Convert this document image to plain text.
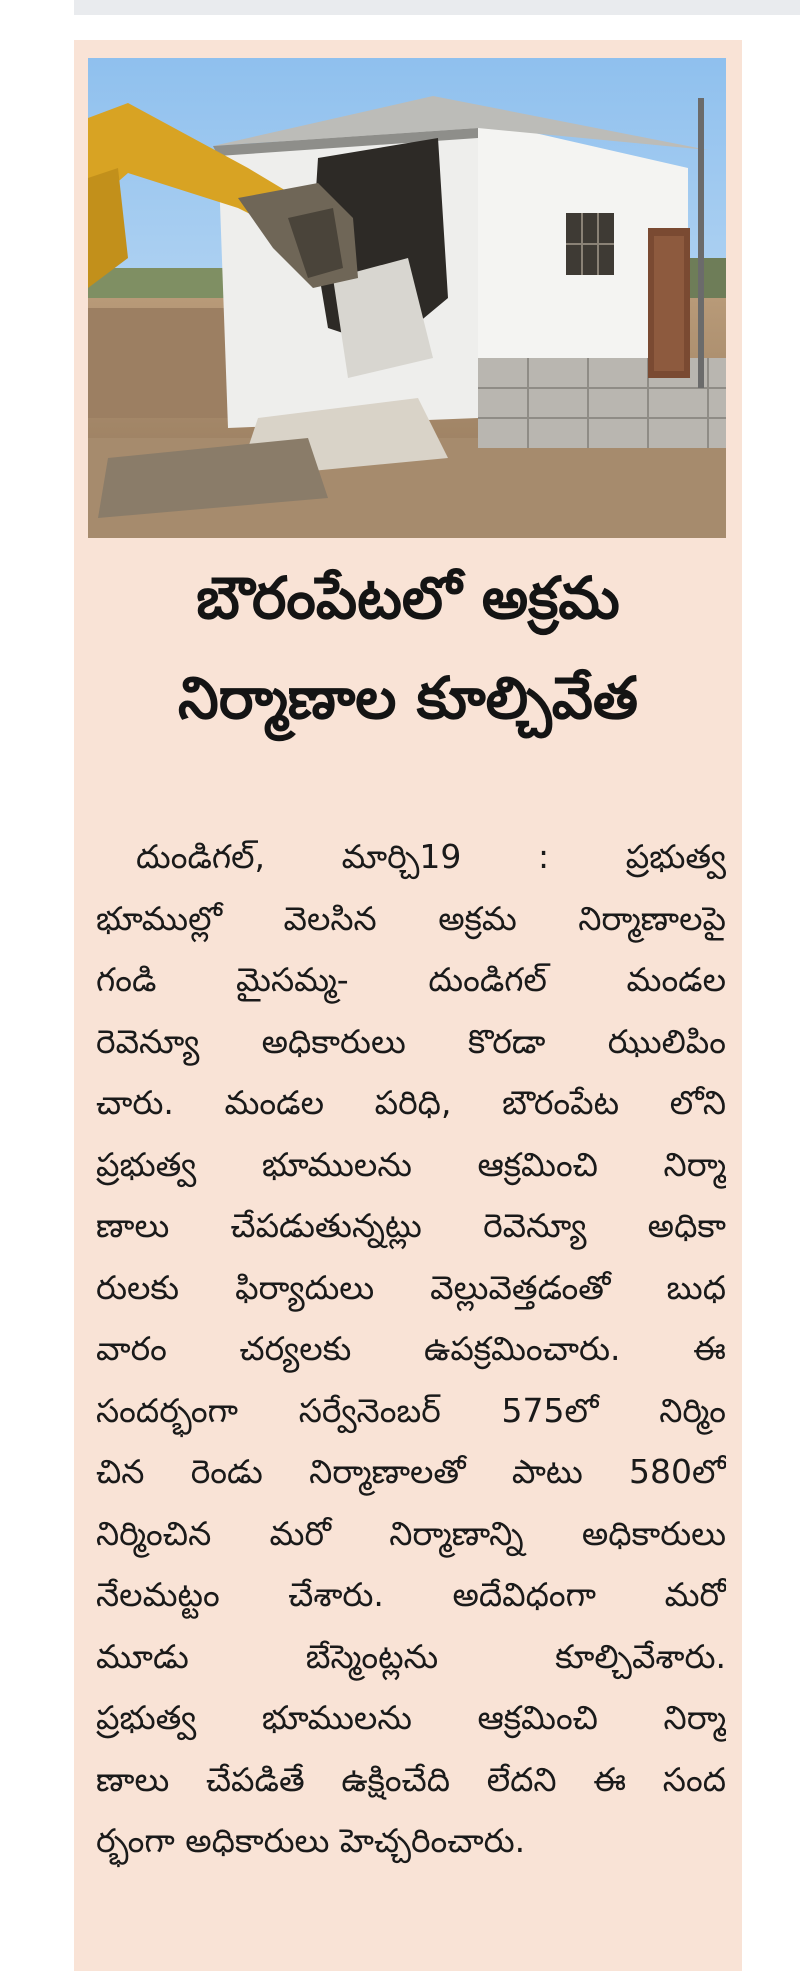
బౌరంపేటలో అక్రమ
నిర్మాణాల కూల్చివేత
దుండిగల్, మార్చి19 : ప్రభుత్వ
భూముల్లో వెలసిన అక్రమ నిర్మాణాలపై
గండి మైసమ్మ- దుండిగల్ మండల
రెవెన్యూ అధికారులు కొరడా ఝులిపిం
చారు. మండల పరిధి, బౌరంపేట లోని
ప్రభుత్వ భూములను ఆక్రమించి నిర్మా
ణాలు చేపడుతున్నట్లు రెవెన్యూ అధికా
రులకు ఫిర్యాదులు వెల్లువెత్తడంతో బుధ
వారం చర్యలకు ఉపక్రమించారు. ఈ
సందర్భంగా సర్వేనెంబర్ 575లో నిర్మిం
చిన రెండు నిర్మాణాలతో పాటు 580లో
నిర్మించిన మరో నిర్మాణాన్ని అధికారులు
నేలమట్టం చేశారు. అదేవిధంగా మరో
మూడు బేస్మెంట్లను కూల్చివేశారు.
ప్రభుత్వ భూములను ఆక్రమించి నిర్మా
ణాలు చేపడితే ఉక్షించేది లేదని ఈ సంద
ర్భంగా అధికారులు హెచ్చరించారు.
